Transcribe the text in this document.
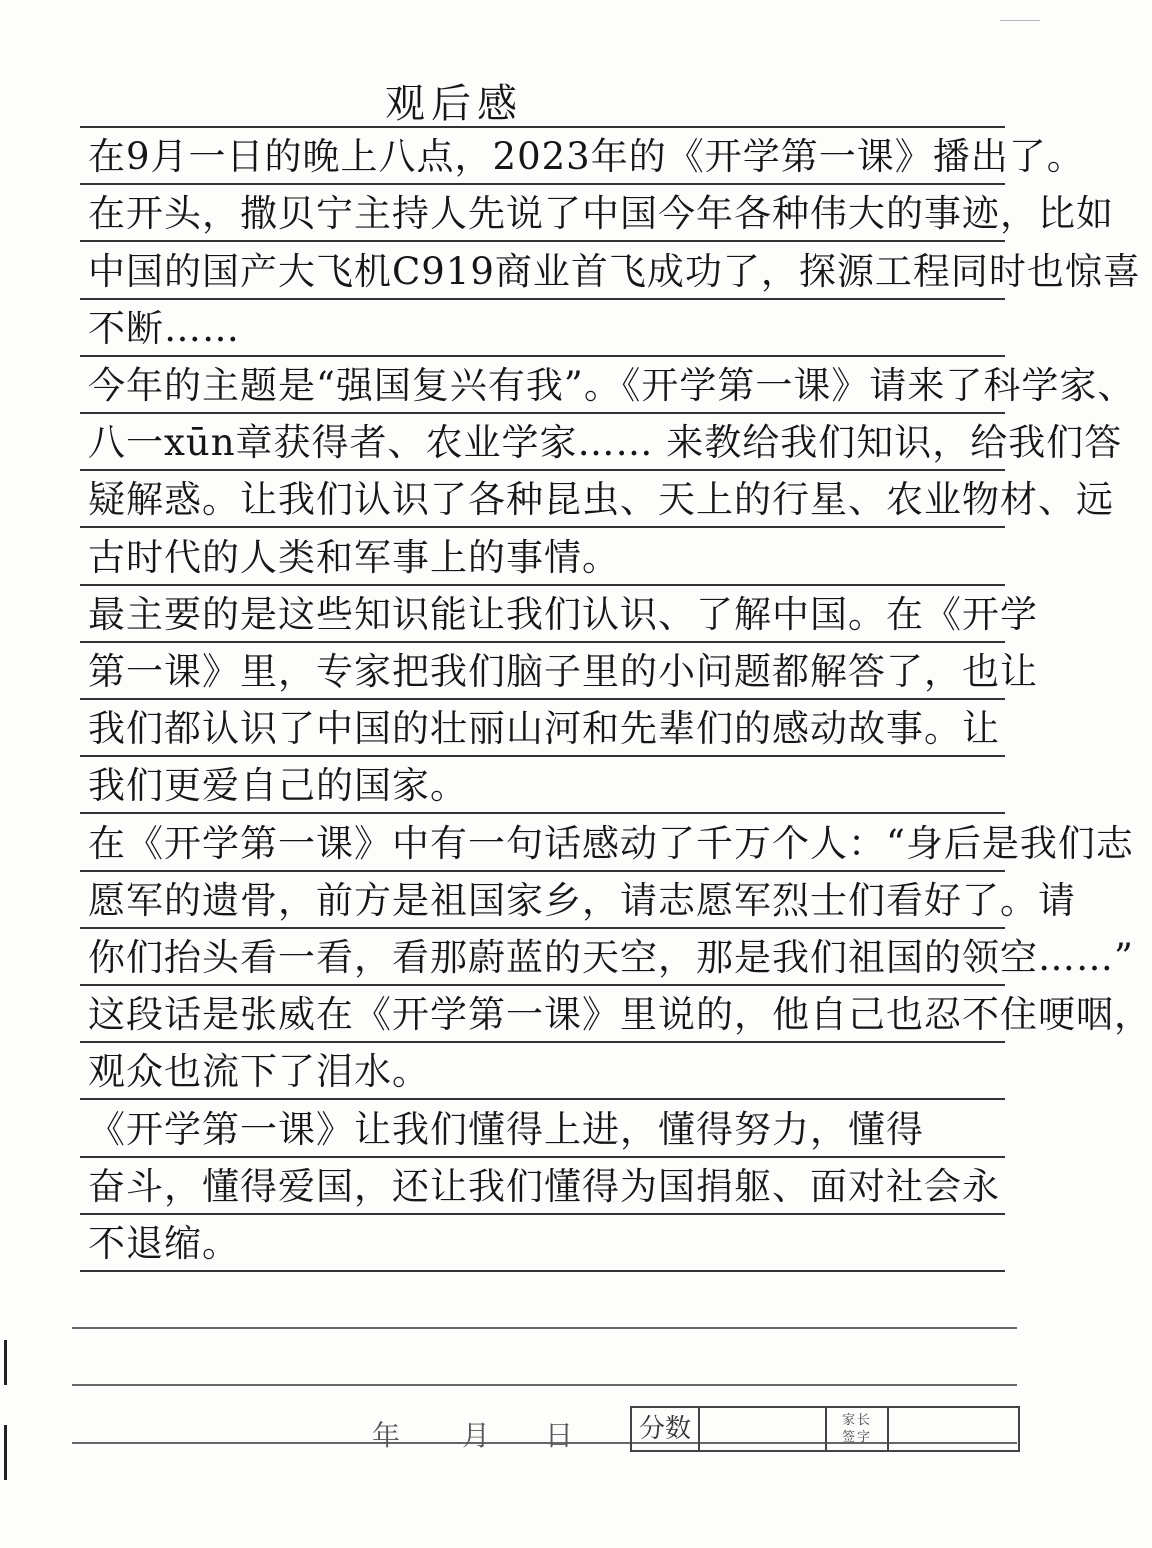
观后感
在9月一日的晚上八点，2023年的《开学第一课》播出了。
在开头，撒贝宁主持人先说了中国今年各种伟大的事迹，比如
中国的国产大飞机C919商业首飞成功了，探源工程同时也惊喜
不断……
今年的主题是“强国复兴有我”。《开学第一课》请来了科学家、
八一xūn章获得者、农业学家…… 来教给我们知识，给我们答
疑解惑。让我们认识了各种昆虫、天上的行星、农业物材、远
古时代的人类和军事上的事情。
最主要的是这些知识能让我们认识、了解中国。在《开学
第一课》里，专家把我们脑子里的小问题都解答了，也让
我们都认识了中国的壮丽山河和先辈们的感动故事。让
我们更爱自己的国家。
在《开学第一课》中有一句话感动了千万个人：“身后是我们志
愿军的遗骨，前方是祖国家乡，请志愿军烈士们看好了。请
你们抬头看一看，看那蔚蓝的天空，那是我们祖国的领空……”
这段话是张威在《开学第一课》里说的，他自己也忍不住哽咽，
观众也流下了泪水。
《开学第一课》让我们懂得上进，懂得努力，懂得
奋斗，懂得爱国，还让我们懂得为国捐躯、面对社会永
不退缩。
年 月 日	分数	家长
签字
